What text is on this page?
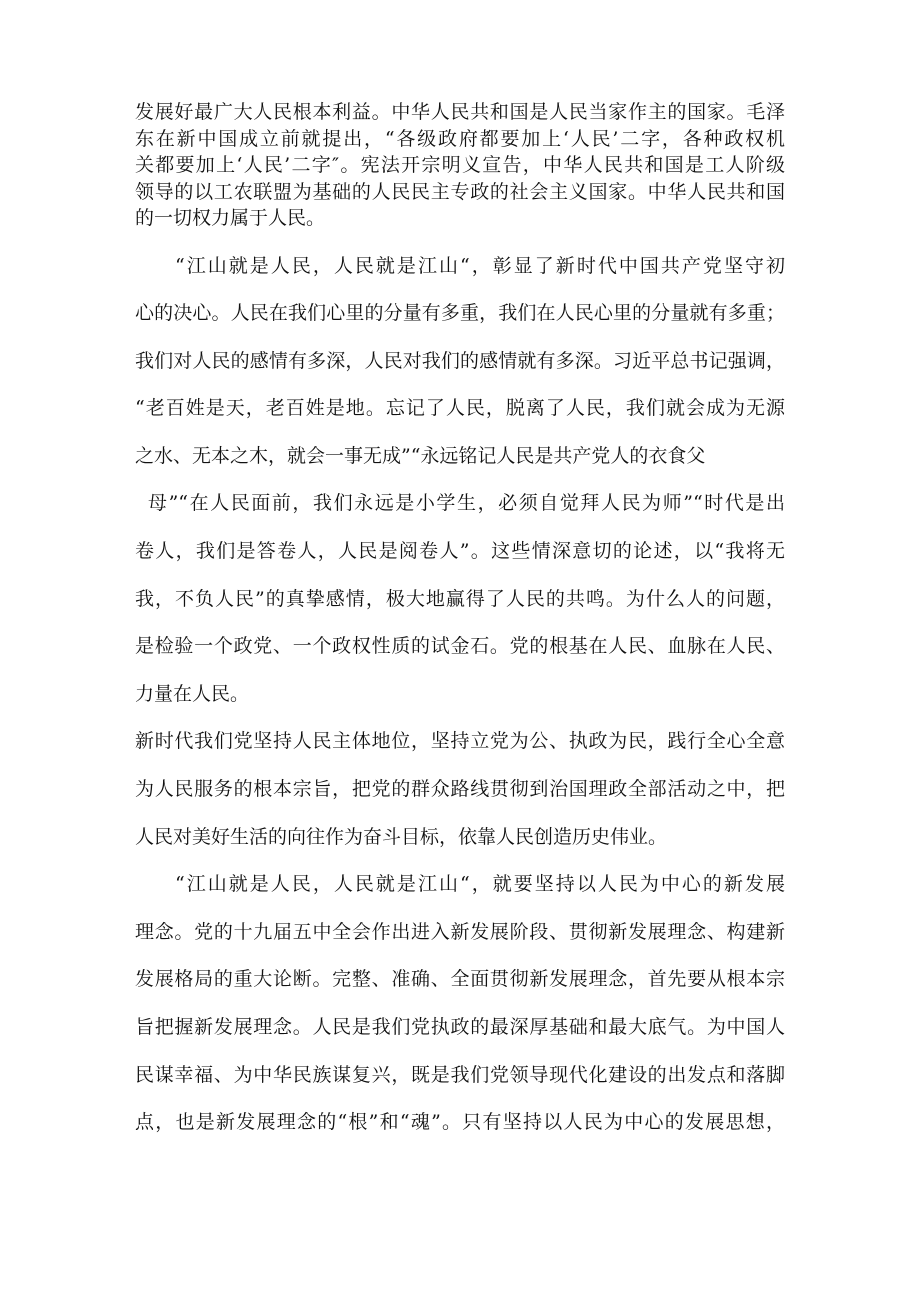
发展好最广大人民根本利益。中华人民共和国是人民当家作主的国家。毛泽
东在新中国成立前就提出，“各级政府都要加上‘人民’二字，各种政权机
关都要加上‘人民’二字″。宪法开宗明义宣告，中华人民共和国是工人阶级
领导的以工农联盟为基础的人民民主专政的社会主义国家。中华人民共和国
的一切权力属于人民。
“江山就是人民，人民就是江山“，彰显了新时代中国共产党坚守初
心的决心。人民在我们心里的分量有多重，我们在人民心里的分量就有多重；
我们对人民的感情有多深，人民对我们的感情就有多深。习近平总书记强调，
“老百姓是天，老百姓是地。忘记了人民，脱离了人民，我们就会成为无源
之水、无本之木，就会一事无成”“永远铭记人民是共产党人的衣食父
母”“在人民面前，我们永远是小学生，必须自觉拜人民为师”“时代是出
卷人，我们是答卷人，人民是阅卷人”。这些情深意切的论述，以“我将无
我，不负人民”的真挚感情，极大地赢得了人民的共鸣。为什么人的问题，
是检验一个政党、一个政权性质的试金石。党的根基在人民、血脉在人民、
力量在人民。
新时代我们党坚持人民主体地位，坚持立党为公、执政为民，践行全心全意
为人民服务的根本宗旨，把党的群众路线贯彻到治国理政全部活动之中，把
人民对美好生活的向往作为奋斗目标，依靠人民创造历史伟业。
“江山就是人民，人民就是江山“，就要坚持以人民为中心的新发展
理念。党的十九届五中全会作出进入新发展阶段、贯彻新发展理念、构建新
发展格局的重大论断。完整、准确、全面贯彻新发展理念，首先要从根本宗
旨把握新发展理念。人民是我们党执政的最深厚基础和最大底气。为中国人
民谋幸福、为中华民族谋复兴，既是我们党领导现代化建设的出发点和落脚
点，也是新发展理念的“根”和“魂”。只有坚持以人民为中心的发展思想，
